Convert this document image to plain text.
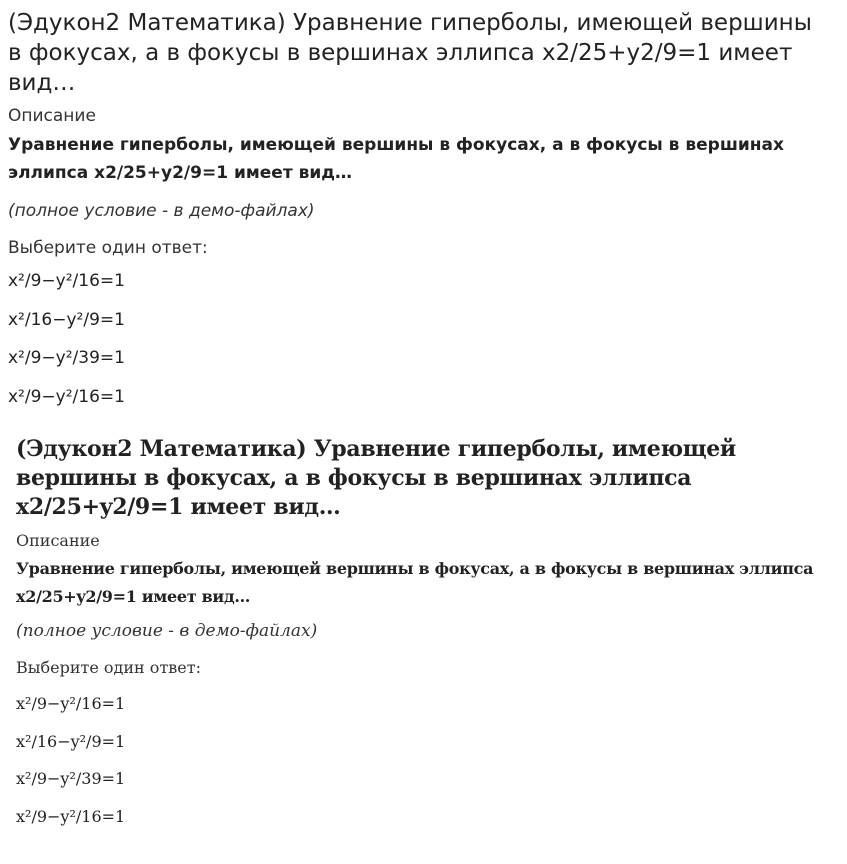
(Эдукон2 Математика) Уравнение гиперболы, имеющей вершины в фокусах, а в фокусы в вершинах эллипса x2/25+y2/9=1 имеет вид…
Описание
Уравнение гиперболы, имеющей вершины в фокусах, а в фокусы в вершинах эллипса x2/25+y2/9=1 имеет вид…
(полное условие - в демо-файлах)
Выберите один ответ:
x²/9−y²/16=1
x²/16−y²/9=1
x²/9−y²/39=1
x²/9−y²/16=1
(Эдукон2 Математика) Уравнение гиперболы, имеющей вершины в фокусах, а в фокусы в вершинах эллипса x2/25+y2/9=1 имеет вид…
Описание
Уравнение гиперболы, имеющей вершины в фокусах, а в фокусы в вершинах эллипса x2/25+y2/9=1 имеет вид…
(полное условие - в демо-файлах)
Выберите один ответ:
x²/9−y²/16=1
x²/16−y²/9=1
x²/9−y²/39=1
x²/9−y²/16=1
